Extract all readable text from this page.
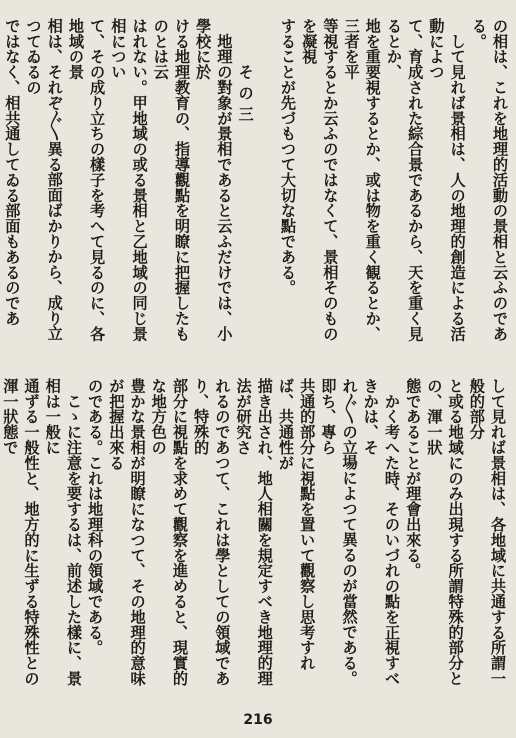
の相は、これを地理的活動の景相と云ふのである。
　して見れば景相は、人の地理的創造による活動によつ
て、育成された綜合景であるから、天を重く見るとか、
地を重要視するとか、或は物を重く観るとか、三者を平
等視するとか云ふのではなくて、景相そのものを凝視
することが先づもつて大切な點である。

　　　そ の 三
　地理の對象が景相であると云ふだけでは、小學校に於
ける地理教育の、指導觀點を明瞭に把握したものとは云
はれない。甲地域の或る景相と乙地域の同じ景相につい
て、その成り立ちの樣子を考へて見るのに、各地域の景
相は、それぞ〴〵異る部面ばかりから、成り立つてゐるの
ではなく、相共通してゐる部面もあるのであ

して見れば景相は、各地域に共通する所謂一般的部分
と或る地域にのみ出現する所謂特殊的部分との、渾一狀
態であることが理會出來る。
　かく考へた時、そのいづれの點を正視すべきかは、そ
れ〴〵の立場によつて異るのが當然である。即ち、專ら
共通的部分に視點を置いて觀察し思考すれば、共通性が
描き出され、地人相關を規定すべき地理的理法が研究さ
れるのであつて、これは學としての領域であり、特殊的
部分に視點を求めて觀察を進めると、現實的な地方色の
豊かな景相が明瞭になつて、その地理的意味が把握出來る
のである。これは地理科の領域である。
　こゝに注意を要するは、前述した樣に、景相は一般に
通ずる一般性と、地方的に生ずる特殊性との渾一狀態で

216
